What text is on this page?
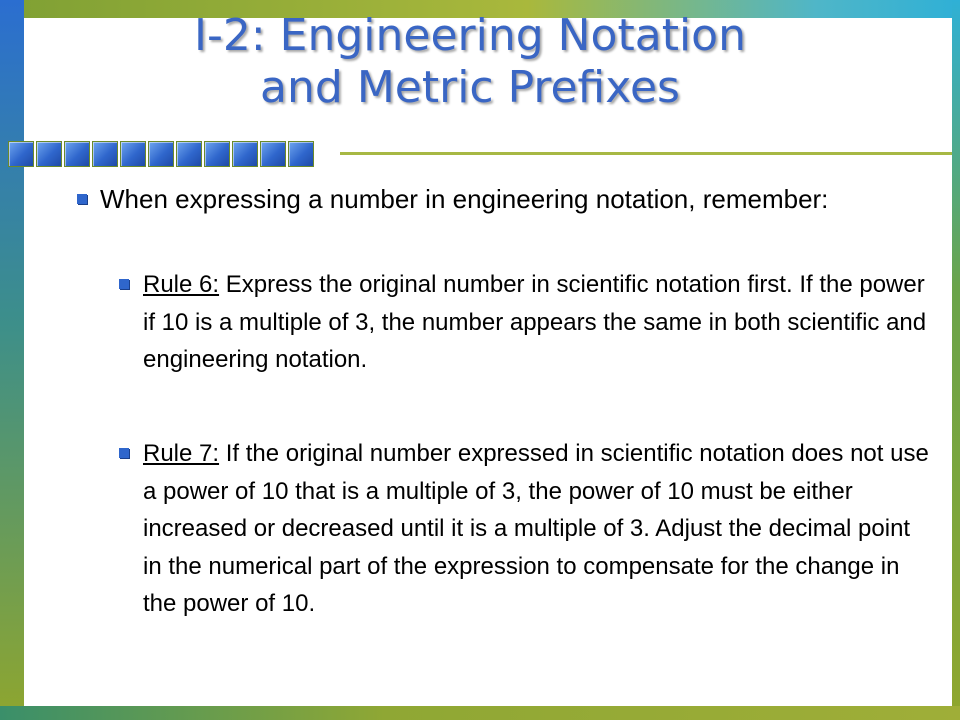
I-2: Engineering Notation
and Metric Prefixes
When expressing a number in engineering notation, remember:
Rule 6: Express the original number in scientific notation first. If the power if 10 is a multiple of 3, the number appears the same in both scientific and engineering notation.
Rule 7: If the original number expressed in scientific notation does not use a power of 10 that is a multiple of 3, the power of 10 must be either increased or decreased until it is a multiple of 3. Adjust the decimal point in the numerical part of the expression to compensate for the change in the power of 10.
